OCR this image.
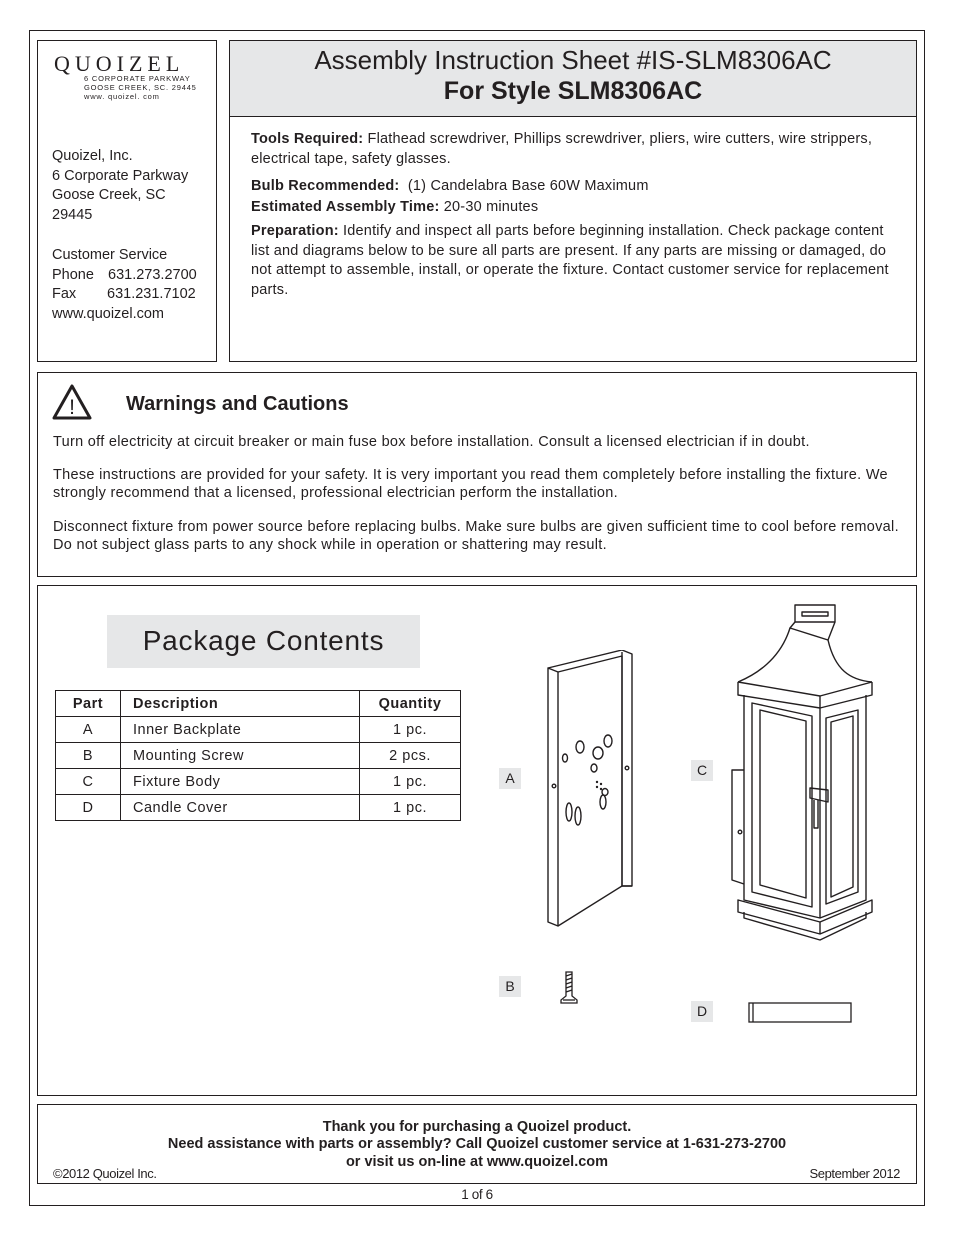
QUOIZEL
6 CORPORATE PARKWAY
GOOSE CREEK, SC. 29445
www. quoizel. com
Quoizel, Inc.
6 Corporate Parkway
Goose Creek, SC
29445
Customer Service
Phone 631.273.2700
Fax 631.231.7102
www.quoizel.com
Assembly Instruction Sheet #IS-SLM8306AC
For Style SLM8306AC
Tools Required: Flathead screwdriver, Phillips screwdriver, pliers, wire cutters, wire strippers, electrical tape, safety glasses.
Bulb Recommended: (1) Candelabra Base 60W Maximum
Estimated Assembly Time: 20-30 minutes
Preparation: Identify and inspect all parts before beginning installation. Check package content list and diagrams below to be sure all parts are present. If any parts are missing or damaged, do not attempt to assemble, install, or operate the fixture. Contact customer service for replacement parts.
!	Warnings and Cautions
Turn off electricity at circuit breaker or main fuse box before installation. Consult a licensed electrician if in doubt.
These instructions are provided for your safety. It is very important you read them completely before installing the fixture. We strongly recommend that a licensed, professional electrician perform the installation.
Disconnect fixture from power source before replacing bulbs. Make sure bulbs are given sufficient time to cool before removal. Do not subject glass parts to any shock while in operation or shattering may result.
Package Contents
Part	Description	Quantity
A	Inner Backplate	1 pc.
B	Mounting Screw	2 pcs.
C	Fixture Body	1 pc.
D	Candle Cover	1 pc.
A
B
C
D
Thank you for purchasing a Quoizel product.
Need assistance with parts or assembly? Call Quoizel customer service at 1-631-273-2700
or visit us on-line at www.quoizel.com
©2012 Quoizel Inc.	September 2012
1 of 6
